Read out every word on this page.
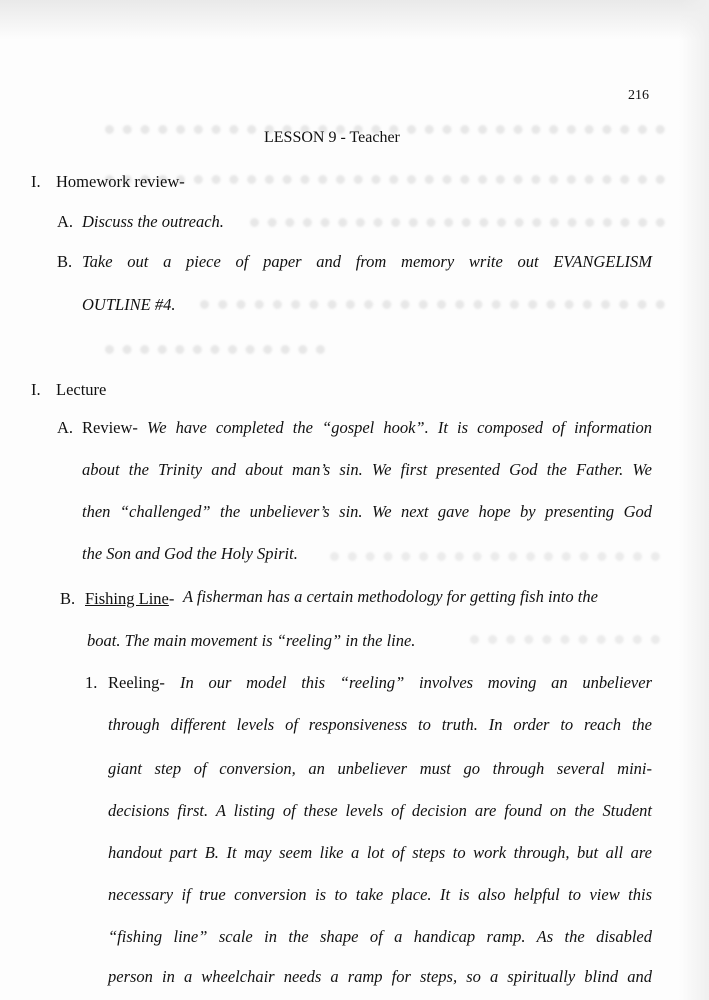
216
LESSON 9 - Teacher
I. Homework review-
A. Discuss the outreach.
B. Take out a piece of paper and from memory write out EVANGELISM
OUTLINE #4.
I. Lecture
A. Review- We have completed the “gospel hook”. It is composed of information
about the Trinity and about man’s sin. We first presented God the Father. We
then “challenged” the unbeliever’s sin. We next gave hope by presenting God
the Son and God the Holy Spirit.
B. Fishing Line- A fisherman has a certain methodology for getting fish into the
boat. The main movement is “reeling” in the line.
1. Reeling- In our model this “reeling” involves moving an unbeliever
through different levels of responsiveness to truth. In order to reach the
giant step of conversion, an unbeliever must go through several mini-
decisions first. A listing of these levels of decision are found on the Student
handout part B. It may seem like a lot of steps to work through, but all are
necessary if true conversion is to take place. It is also helpful to view this
“fishing line” scale in the shape of a handicap ramp. As the disabled
person in a wheelchair needs a ramp for steps, so a spiritually blind and
